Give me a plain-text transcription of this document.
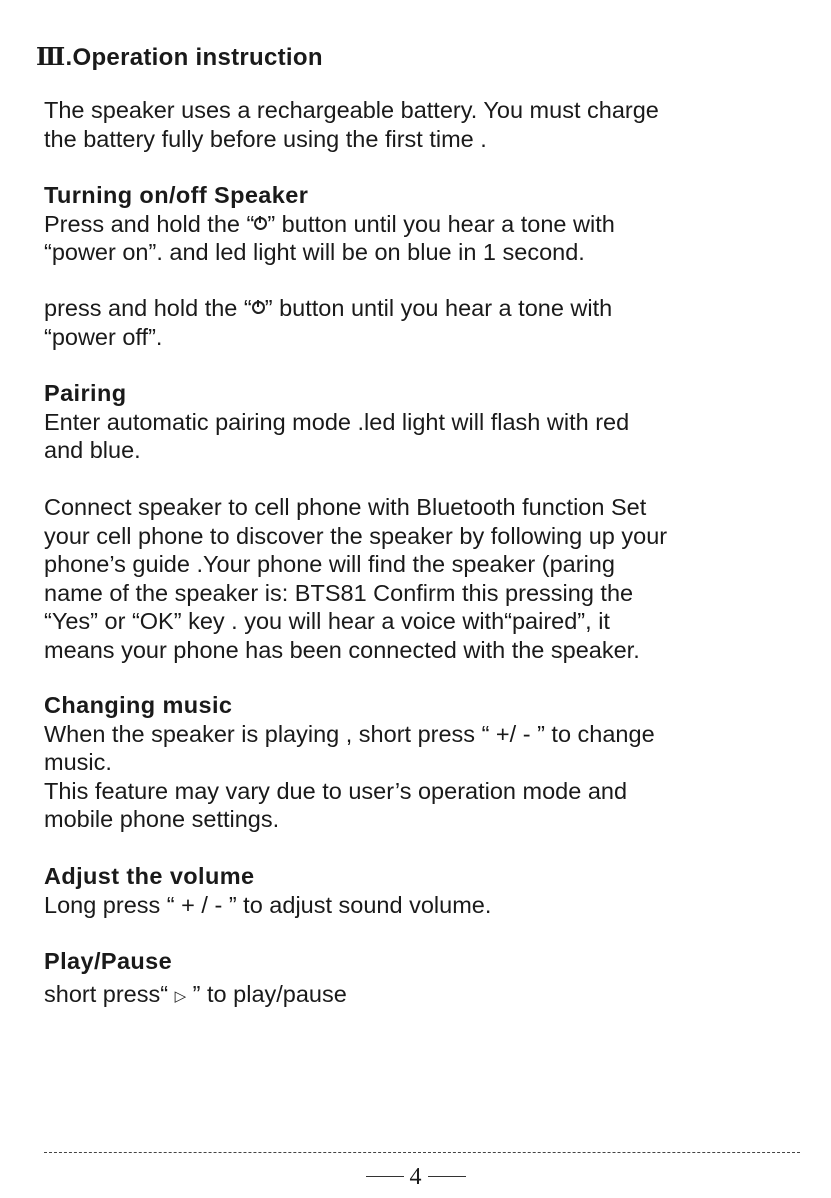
Ⅲ.Operation instruction

The speaker uses a rechargeable battery. You must charge

the battery fully before using the first time .

Turning on/off Speaker

Press and hold the “ ” button until you hear a tone with

“power on”. and led light will be on blue in 1 second.

press and hold the “ ” button until you hear a tone with

“power off”.

Pairing

Enter automatic pairing mode .led light will flash with red

and blue.

Connect speaker to cell phone with Bluetooth function Set

your cell phone to discover the speaker by following up your

phone’s guide .Your phone will find the speaker (paring

name of the speaker is: BTS81 Confirm this pressing the

“Yes” or “OK” key . you will hear a voice with“paired”, it

means your phone has been connected with the speaker.

Changing music

When the speaker is playing , short press “ +/ - ” to change

music.

This feature may vary due to user’s operation mode and

mobile phone settings.

Adjust the volume

Long press “ + / - ” to adjust sound volume.

Play/Pause

short press“ ▷ ” to play/pause

4
